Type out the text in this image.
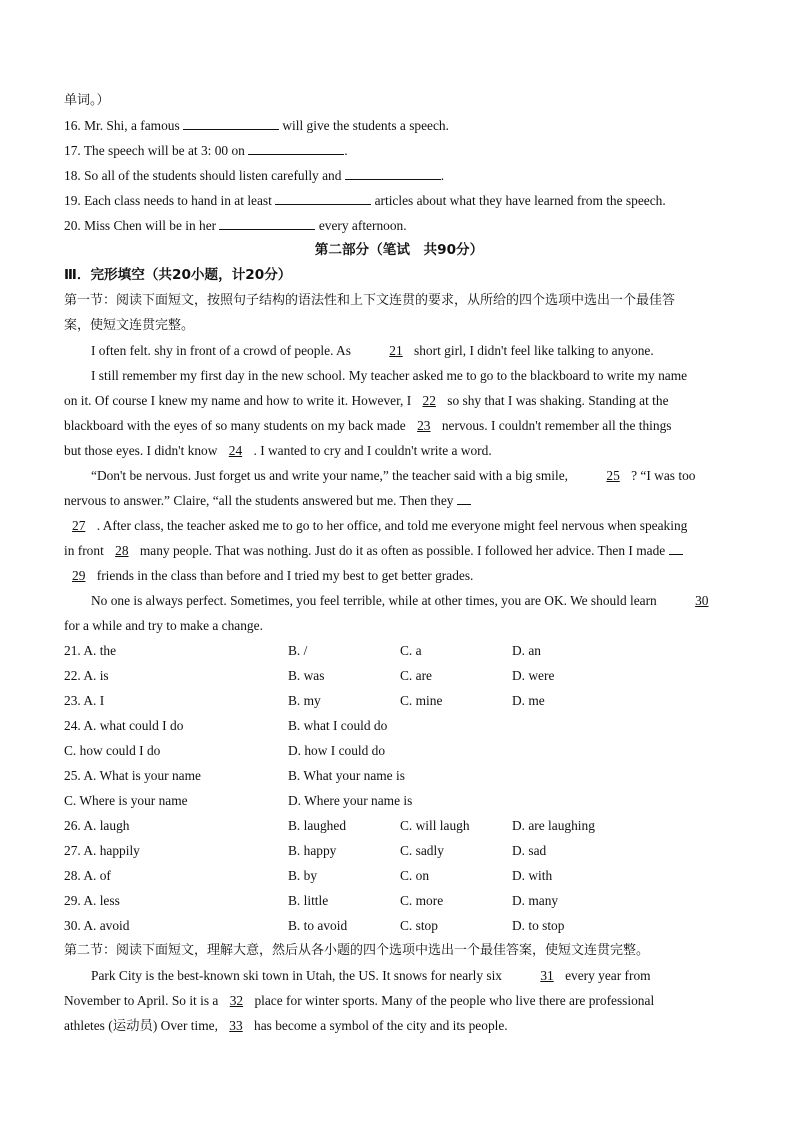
单词。）
16. Mr. Shi, a famous	will give the students a speech.
17. The speech will be at 3: 00 on	.
18. So all of the students should listen carefully and	.
19. Each class needs to hand in at least	articles about what they have learned from the speech.
20. Miss Chen will be in her	every afternoon.
第二部分（笔试　共90分）
Ⅲ．完形填空（共20小题，计20分）
第一节：阅读下面短文，按照句子结构的语法性和上下文连贯的要求，从所给的四个选项中选出一个最佳答
案，使短文连贯完整。
I often felt. shy in front of a crowd of people. As	21 short girl, I didn't feel like talking to anyone.
I still remember my first day in the new school. My teacher asked me to go to the blackboard to write my name
on it. Of course I knew my name and how to write it. However, I 22 so shy that I was shaking. Standing at the
blackboard with the eyes of so many students on my back made 23 nervous. I couldn't remember all the things
but those eyes. I didn't know 24 . I wanted to cry and I couldn't write a word.
“Don't be nervous. Just forget us and write your name,” the teacher said with a big smile,	25 ? “I was too
nervous to answer.” Claire, “all the students answered but me. Then they
27 . After class, the teacher asked me to go to her office, and told me everyone might feel nervous when speaking
in front 28 many people. That was nothing. Just do it as often as possible. I followed her advice. Then I made
29 friends in the class than before and I tried my best to get better grades.
No one is always perfect. Sometimes, you feel terrible, while at other times, you are OK. We should learn	30
for a while and try to make a change.
21. A. the	B. /	C. a	D. an
22. A. is	B. was	C. are	D. were
23. A. I	B. my	C. mine	D. me
24. A. what could I do	B. what I could do
C. how could I do	D. how I could do
25. A. What is your name	B. What your name is
C. Where is your name	D. Where your name is
26. A. laugh	B. laughed	C. will laugh	D. are laughing
27. A. happily	B. happy	C. sadly	D. sad
28. A. of	B. by	C. on	D. with
29. A. less	B. little	C. more	D. many
30. A. avoid	B. to avoid	C. stop	D. to stop
第二节：阅读下面短文，理解大意，然后从各小题的四个选项中选出一个最佳答案，使短文连贯完整。
Park City is the best-known ski town in Utah, the US. It snows for nearly six	31 every year from
November to April. So it is a 32 place for winter sports. Many of the people who live there are professional
athletes (运动员) Over time, 33 has become a symbol of the city and its people.
